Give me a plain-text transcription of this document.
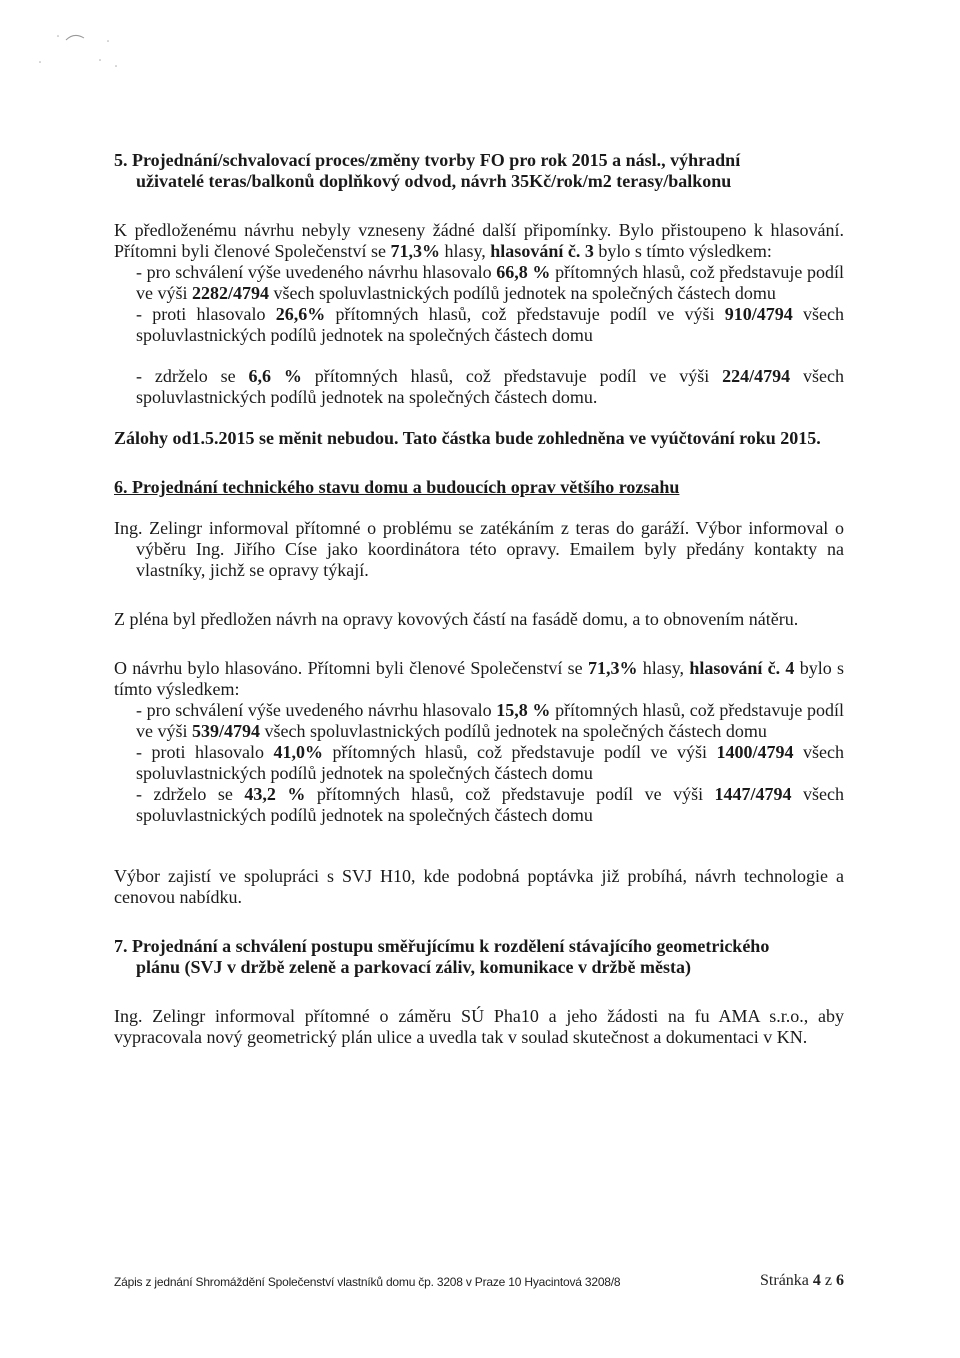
5. Projednání/schvalovací proces/změny tvorby FO pro rok 2015 a násl., výhradní
uživatelé teras/balkonů doplňkový odvod, návrh 35Kč/rok/m2 terasy/balkonu

K předloženému návrhu nebyly vzneseny žádné další připomínky. Bylo přistoupeno k hlasování. Přítomni byli členové Společenství se 71,3% hlasy, hlasování č. 3 bylo s tímto výsledkem:

- pro schválení výše uvedeného návrhu hlasovalo 66,8 % přítomných hlasů, což představuje podíl ve výši 2282/4794 všech spoluvlastnických podílů jednotek na společných částech domu

- proti hlasovalo 26,6% přítomných hlasů, což představuje podíl ve výši 910/4794 všech spoluvlastnických podílů jednotek na společných částech domu

- zdrželo se 6,6 % přítomných hlasů, což představuje podíl ve výši 224/4794 všech spoluvlastnických podílů jednotek na společných částech domu.

Zálohy od1.5.2015 se měnit nebudou. Tato částka bude zohledněna ve vyúčtování roku 2015.

6. Projednání technického stavu domu a budoucích oprav většího rozsahu

Ing. Zelingr informoval přítomné o problému se zatékáním z teras do garáží. Výbor informoval o výběru Ing. Jiřího Císe jako koordinátora této opravy. Emailem byly předány kontakty na vlastníky, jichž se opravy týkají.

Z pléna byl předložen návrh na opravy kovových částí na fasádě domu, a to obnovením nátěru.

O návrhu bylo hlasováno. Přítomni byli členové Společenství se 71,3% hlasy, hlasování č. 4 bylo s tímto výsledkem:

- pro schválení výše uvedeného návrhu hlasovalo 15,8 % přítomných hlasů, což představuje podíl ve výši 539/4794 všech spoluvlastnických podílů jednotek na společných částech domu

- proti hlasovalo 41,0% přítomných hlasů, což představuje podíl ve výši 1400/4794 všech spoluvlastnických podílů jednotek na společných částech domu

- zdrželo se 43,2 % přítomných hlasů, což představuje podíl ve výši 1447/4794 všech spoluvlastnických podílů jednotek na společných částech domu

Výbor zajistí ve spolupráci s SVJ H10, kde podobná poptávka již probíhá, návrh technologie a cenovou nabídku.

7. Projednání a schválení postupu směřujícímu k rozdělení stávajícího geometrického
plánu (SVJ v držbě zeleně a parkovací záliv, komunikace v držbě města)

Ing. Zelingr informoval přítomné o záměru SÚ Pha10 a jeho žádosti na fu AMA s.r.o., aby vypracovala nový geometrický plán ulice a uvedla tak v soulad skutečnost a dokumentaci v KN.

Zápis z jednání Shromáždění Společenství vlastníků domu čp. 3208 v Praze 10 Hyacintová 3208/8	Stránka 4 z 6
